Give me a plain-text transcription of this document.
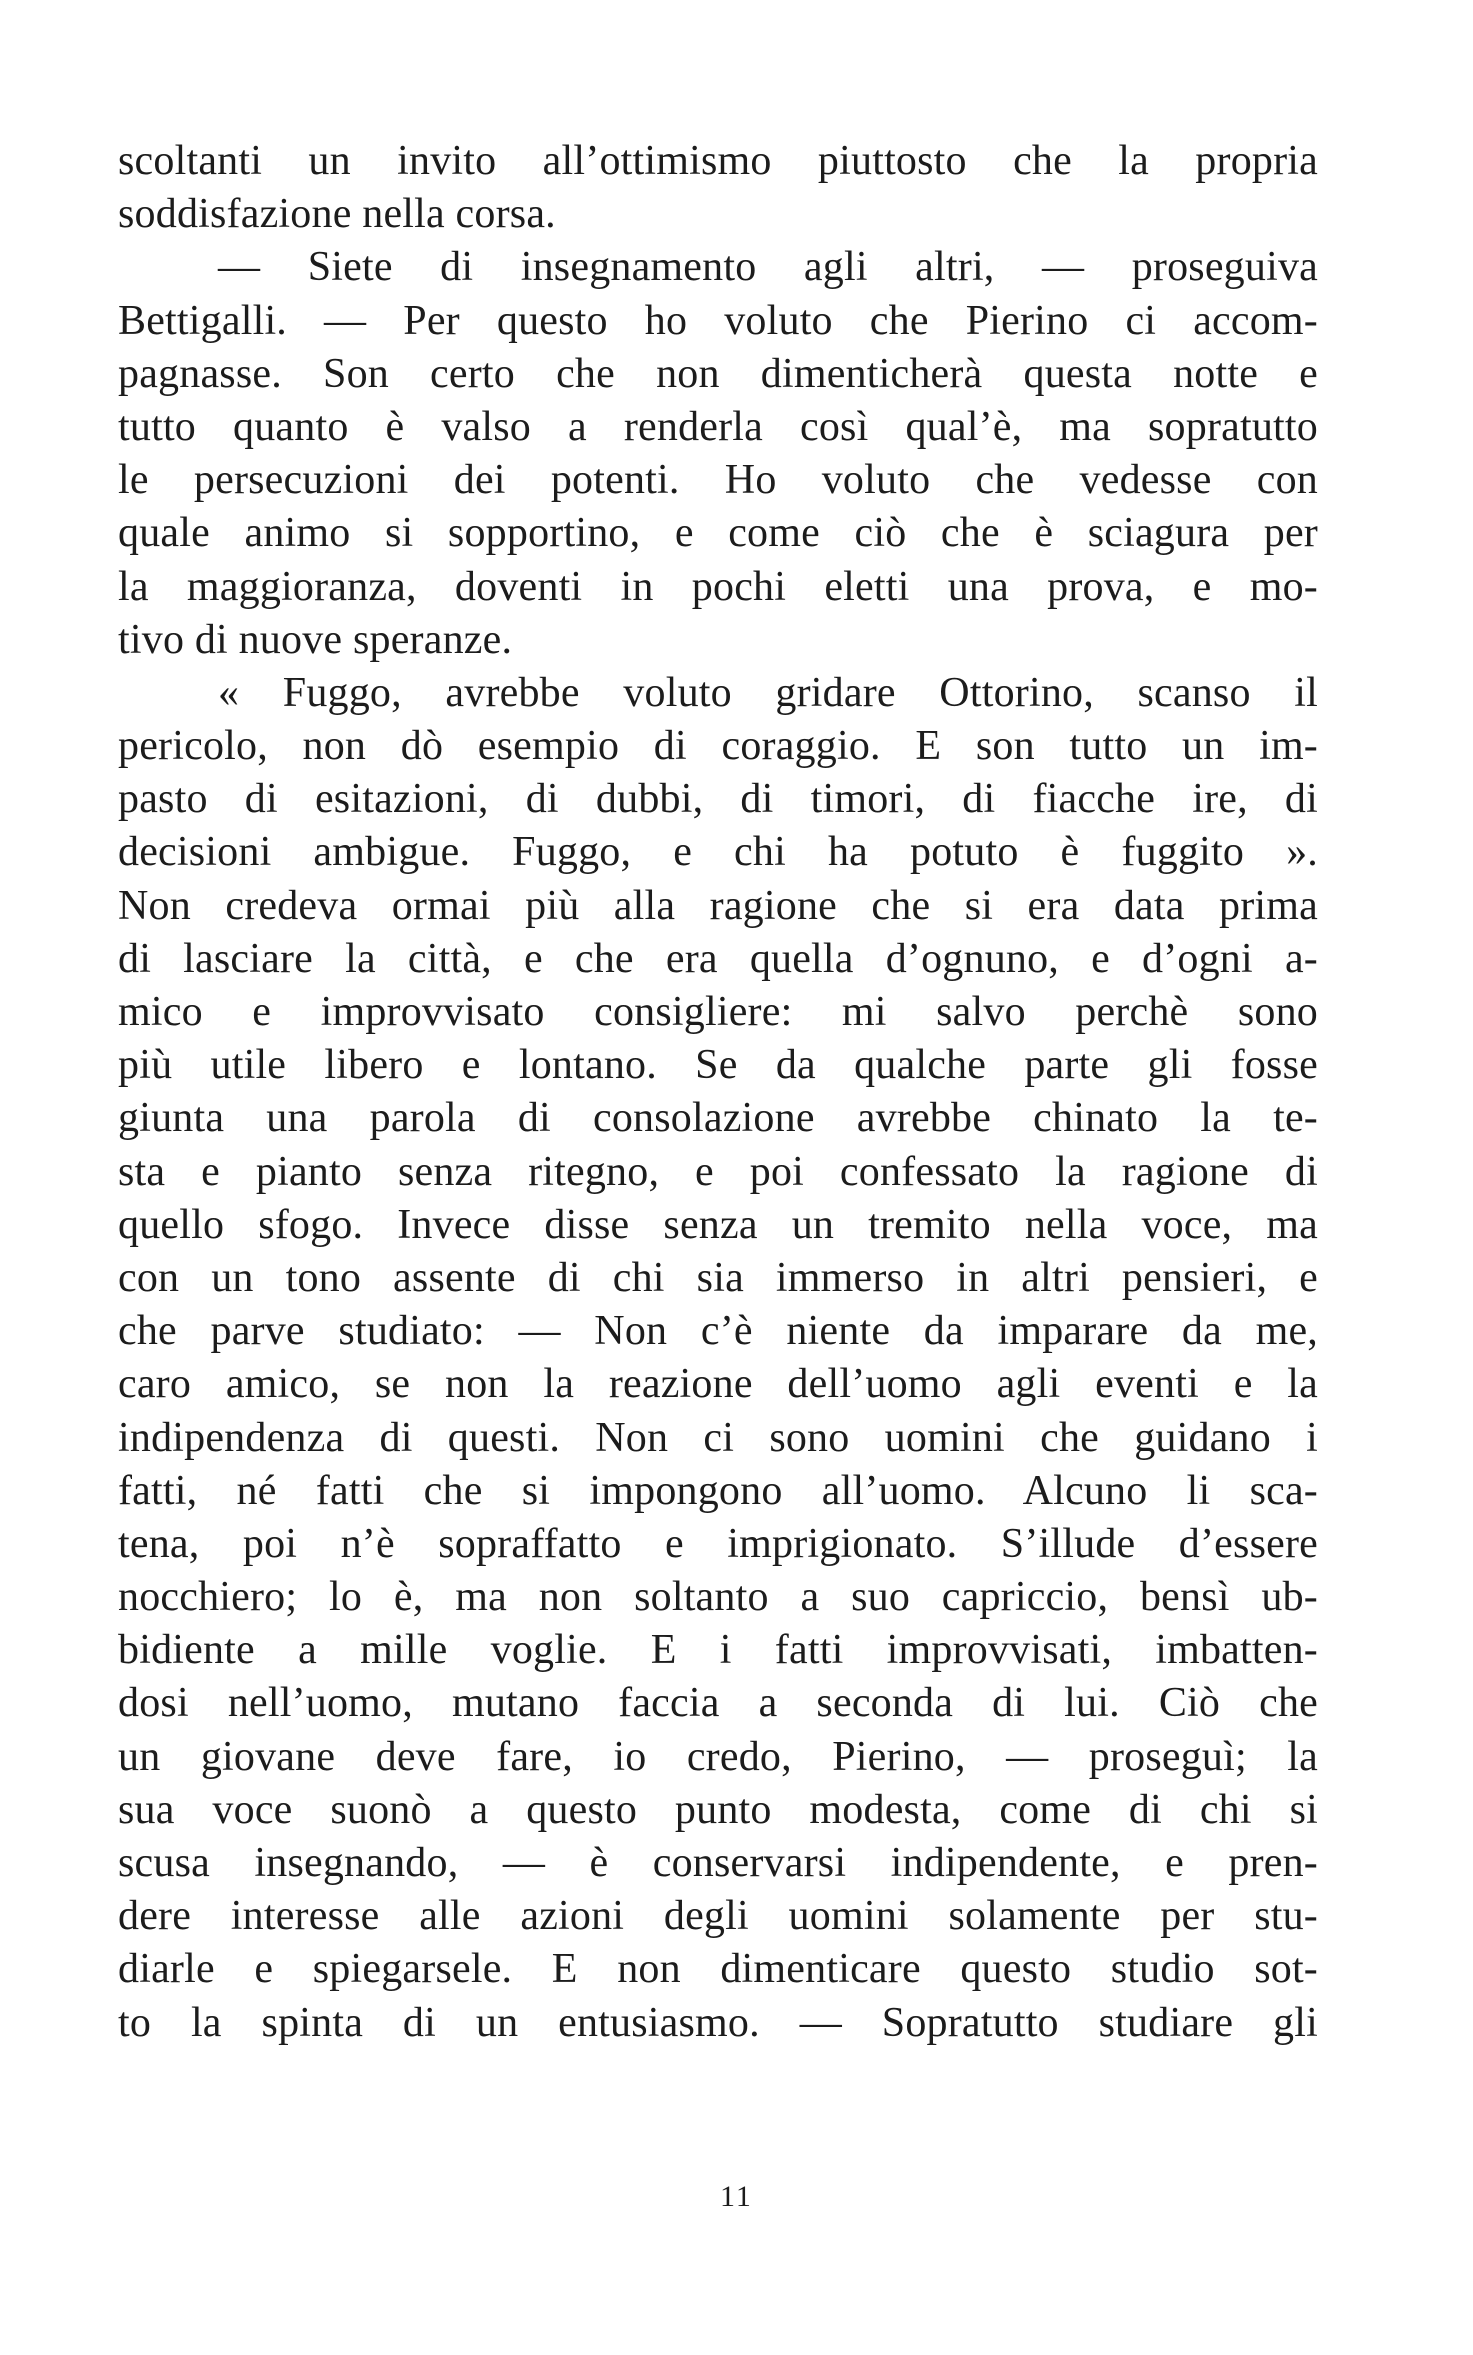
scoltanti un invito all’ottimismo piuttosto che la propria
soddisfazione nella corsa.
— Siete di insegnamento agli altri, — proseguiva
Bettigalli. — Per questo ho voluto che Pierino ci accom-
pagnasse. Son certo che non dimenticherà questa notte e
tutto quanto è valso a renderla così qual’è, ma sopratutto
le persecuzioni dei potenti. Ho voluto che vedesse con
quale animo si sopportino, e come ciò che è sciagura per
la maggioranza, doventi in pochi eletti una prova, e mo-
tivo di nuove speranze.
« Fuggo, avrebbe voluto gridare Ottorino, scanso il
pericolo, non dò esempio di coraggio. E son tutto un im-
pasto di esitazioni, di dubbi, di timori, di fiacche ire, di
decisioni ambigue. Fuggo, e chi ha potuto è fuggito ».
Non credeva ormai più alla ragione che si era data prima
di lasciare la città, e che era quella d’ognuno, e d’ogni a-
mico e improvvisato consigliere: mi salvo perchè sono
più utile libero e lontano. Se da qualche parte gli fosse
giunta una parola di consolazione avrebbe chinato la te-
sta e pianto senza ritegno, e poi confessato la ragione di
quello sfogo. Invece disse senza un tremito nella voce, ma
con un tono assente di chi sia immerso in altri pensieri, e
che parve studiato: — Non c’è niente da imparare da me,
caro amico, se non la reazione dell’uomo agli eventi e la
indipendenza di questi. Non ci sono uomini che guidano i
fatti, né fatti che si impongono all’uomo. Alcuno li sca-
tena, poi n’è sopraffatto e imprigionato. S’illude d’essere
nocchiero; lo è, ma non soltanto a suo capriccio, bensì ub-
bidiente a mille voglie. E i fatti improvvisati, imbatten-
dosi nell’uomo, mutano faccia a seconda di lui. Ciò che
un giovane deve fare, io credo, Pierino, — proseguì; la
sua voce suonò a questo punto modesta, come di chi si
scusa insegnando, — è conservarsi indipendente, e pren-
dere interesse alle azioni degli uomini solamente per stu-
diarle e spiegarsele. E non dimenticare questo studio sot-
to la spinta di un entusiasmo. — Sopratutto studiare gli
11
